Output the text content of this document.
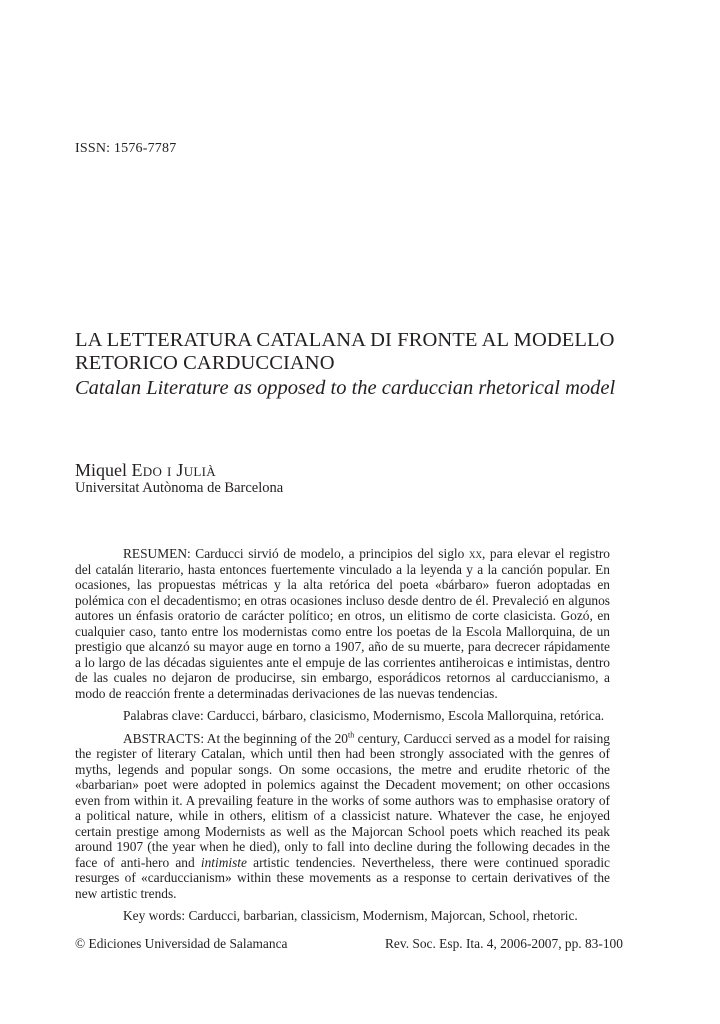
ISSN: 1576-7787
LA LETTERATURA CATALANA DI FRONTE AL MODELLO
RETORICO CARDUCCIANO
Catalan Literature as opposed to the carduccian rhetorical model
Miquel Edo i Julià
Universitat Autònoma de Barcelona

RESUMEN: Carducci sirvió de modelo, a principios del siglo xx, para elevar el registro del catalán literario, hasta entonces fuertemente vinculado a la leyenda y a la canción popular. En ocasiones, las propuestas métricas y la alta retórica del poeta «bárbaro» fueron adoptadas en polémica con el decadentismo; en otras ocasiones incluso desde dentro de él. Prevaleció en algunos autores un énfasis oratorio de carácter político; en otros, un elitismo de corte clasicista. Gozó, en cualquier caso, tanto entre los modernistas como entre los poetas de la Escola Mallorquina, de un prestigio que alcanzó su mayor auge en torno a 1907, año de su muerte, para decrecer rápidamente a lo largo de las décadas siguientes ante el empuje de las corrientes antiheroicas e intimistas, dentro de las cuales no dejaron de producirse, sin embargo, esporádicos retornos al carduccianismo, a modo de reacción frente a determinadas derivaciones de las nuevas tendencias.

Palabras clave: Carducci, bárbaro, clasicismo, Modernismo, Escola Mallorquina, retórica.

ABSTRACTS: At the beginning of the 20th century, Carducci served as a model for raising the register of literary Catalan, which until then had been strongly associated with the genres of myths, legends and popular songs. On some occasions, the metre and erudite rhetoric of the «barbarian» poet were adopted in polemics against the Decadent movement; on other occasions even from within it. A prevailing feature in the works of some authors was to emphasise oratory of a political nature, while in others, elitism of a classicist nature. Whatever the case, he enjoyed certain prestige among Modernists as well as the Majorcan School poets which reached its peak around 1907 (the year when he died), only to fall into decline during the following decades in the face of anti-hero and intimiste artistic tendencies. Nevertheless, there were continued sporadic resurges of «carduccianism» within these movements as a response to certain derivatives of the new artistic trends.

Key words: Carducci, barbarian, classicism, Modernism, Majorcan, School, rhetoric.

© Ediciones Universidad de Salamanca	Rev. Soc. Esp. Ita. 4, 2006-2007, pp. 83-100
